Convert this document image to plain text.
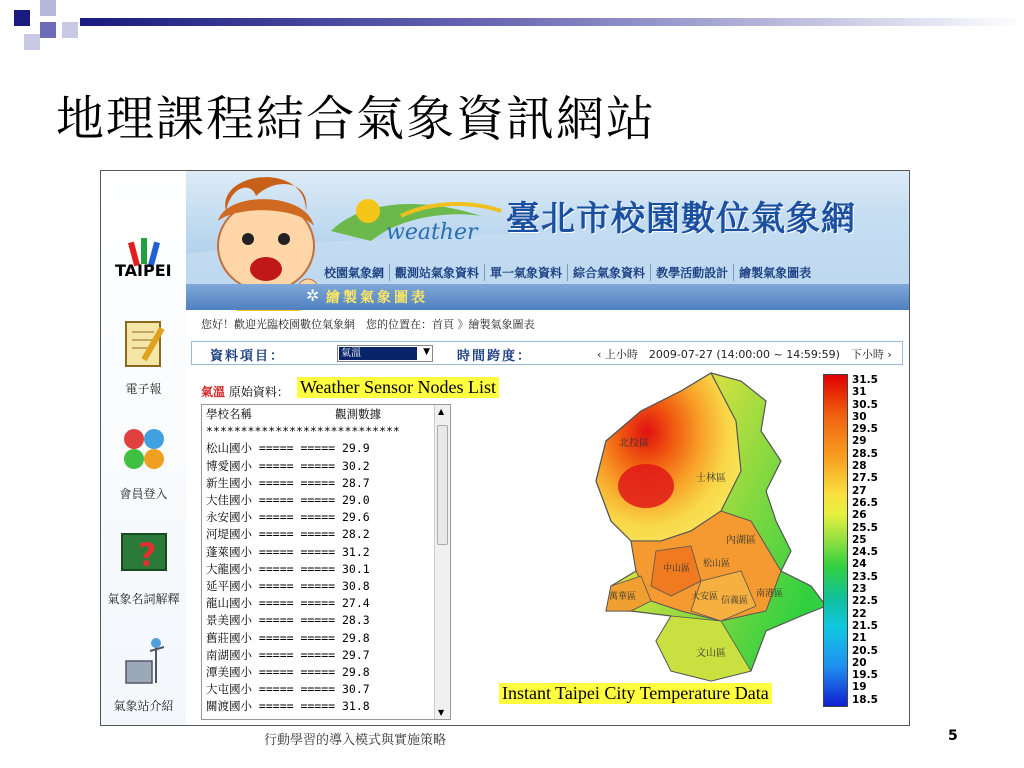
地理課程結合氣象資訊網站
weather 臺北市校園數位氣象網
TAIPEI
電子報
會員登入
?
氣象名詞解釋
氣象站介紹
校園氣象網 觀測站氣象資料 單一氣象資料 綜合氣象資料 教學活動設計 繪製氣象圖表
✲ 繪製氣象圖表
您好！歡迎光臨校園數位氣象網　您的位置在：首頁 》繪製氣象圖表
資料項目：	氣溫	▼ 時間跨度：	‹ 上小時　2009-07-27 (14:00:00 ~ 14:59:59)　下小時 ›
氣溫 原始資料： Weather Sensor Nodes List
學校名稱            觀測數據
****************************
松山國小 ===== ===== 29.9
博愛國小 ===== ===== 30.2
新生國小 ===== ===== 28.7
大佳國小 ===== ===== 29.0
永安國小 ===== ===== 29.6
河堤國小 ===== ===== 28.2
蓬萊國小 ===== ===== 31.2
大龍國小 ===== ===== 30.1
延平國小 ===== ===== 30.8
龍山國小 ===== ===== 27.4
景美國小 ===== ===== 28.3
舊莊國小 ===== ===== 29.8
南湖國小 ===== ===== 29.7
潭美國小 ===== ===== 29.8
大屯國小 ===== ===== 30.7
關渡國小 ===== ===== 31.8
▲
▼
北投區
士林區
內湖區
中山區 松山區
大安區 信義區
南港區
萬華區
文山區
Instant Taipei City Temperature Data
31.5
31
30.5
30
29.5
29
28.5
28
27.5
27
26.5
26
25.5
25
24.5
24
23.5
23
22.5
22
21.5
21
20.5
20
19.5
19
18.5
行動學習的導入模式與實施策略	5
